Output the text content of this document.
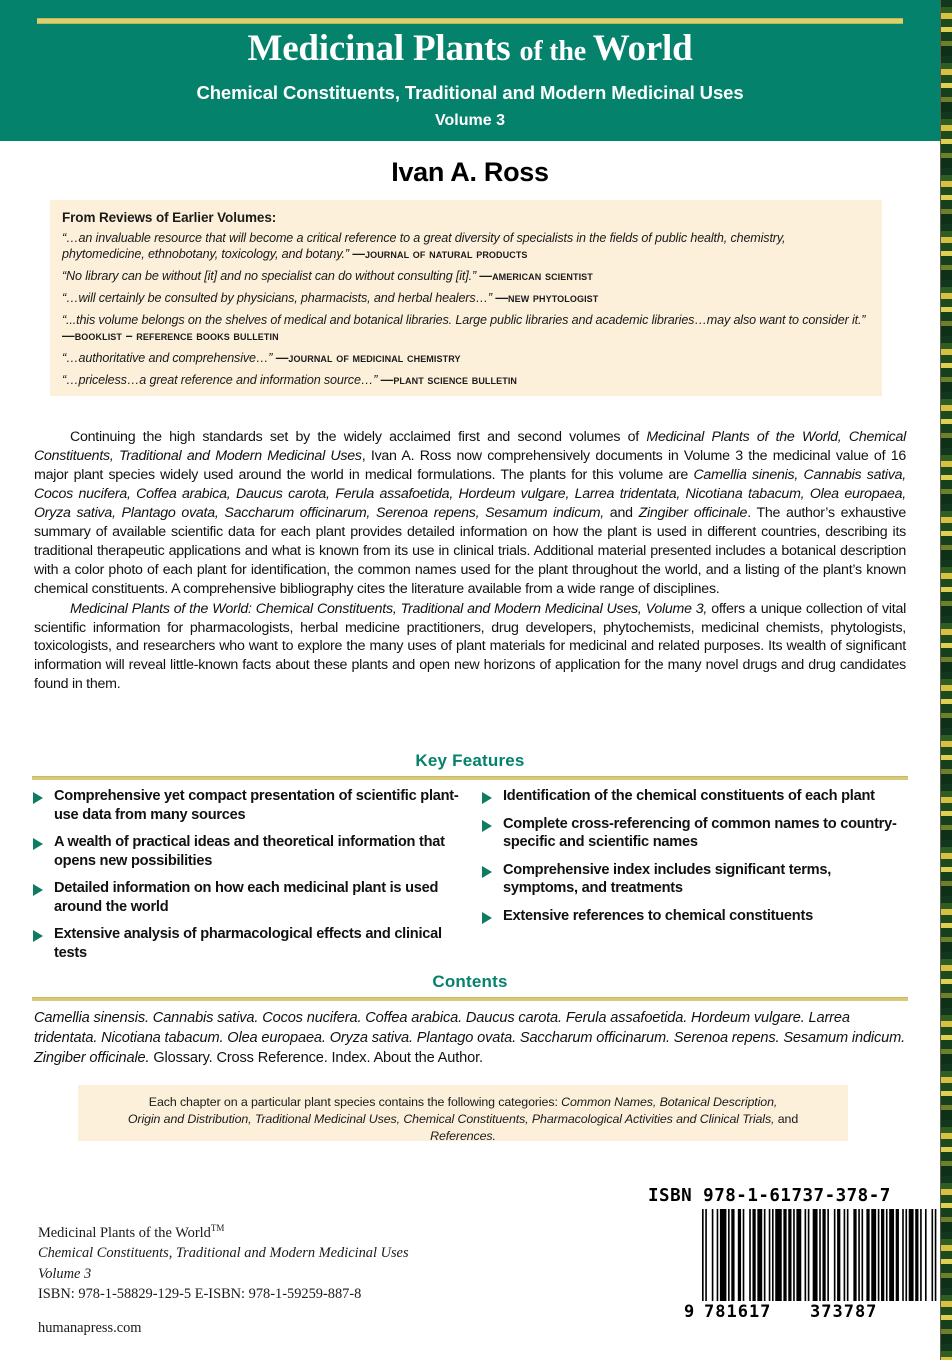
Medicinal Plants of the World
Chemical Constituents, Traditional and Modern Medicinal Uses
Volume 3
Ivan A. Ross
From Reviews of Earlier Volumes:
“…an invaluable resource that will become a critical reference to a great diversity of specialists in the fields of public health, chemistry, phytomedicine, ethnobotany, toxicology, and botany.” —journal of natural products
“No library can be without [it] and no specialist can do without consulting [it].” —american scientist
“…will certainly be consulted by physicians, pharmacists, and herbal healers…” —new phytologist
“...this volume belongs on the shelves of medical and botanical libraries. Large public libraries and academic libraries…may also want to consider it.” —booklist – reference books bulletin
“…authoritative and comprehensive…” —journal of medicinal chemistry
“…priceless…a great reference and information source…” —plant science bulletin

Continuing the high standards set by the widely acclaimed first and second volumes of Medicinal Plants of the World, Chemical Constituents, Traditional and Modern Medicinal Uses, Ivan A. Ross now comprehensively documents in Volume 3 the medicinal value of 16 major plant species widely used around the world in medical formulations. The plants for this volume are Camellia sinenis, Cannabis sativa, Cocos nucifera, Coffea arabica, Daucus carota, Ferula assafoetida, Hordeum vulgare, Larrea tridentata, Nicotiana tabacum, Olea europaea, Oryza sativa, Plantago ovata, Saccharum officinarum, Serenoa repens, Sesamum indicum, and Zingiber officinale. The author’s exhaustive summary of available scientific data for each plant provides detailed information on how the plant is used in different countries, describing its traditional therapeutic applications and what is known from its use in clinical trials. Additional material presented includes a botanical description with a color photo of each plant for identification, the common names used for the plant throughout the world, and a listing of the plant’s known chemical constituents. A comprehensive bibliography cites the literature available from a wide range of disciplines.

Medicinal Plants of the World: Chemical Constituents, Traditional and Modern Medicinal Uses, Volume 3, offers a unique collection of vital scientific information for pharmacologists, herbal medicine practitioners, drug developers, phytochemists, medicinal chemists, phytologists, toxicologists, and researchers who want to explore the many uses of plant materials for medicinal and related purposes. Its wealth of significant information will reveal little-known facts about these plants and open new horizons of application for the many novel drugs and drug candidates found in them.

Key Features
Comprehensive yet compact presentation of scientific plant-use data from many sources
A wealth of practical ideas and theoretical information that opens new possibilities
Detailed information on how each medicinal plant is used around the world
Extensive analysis of pharmacological effects and clinical tests
Identification of the chemical constituents of each plant
Complete cross-referencing of common names to country-specific and scientific names
Comprehensive index includes significant terms, symptoms, and treatments
Extensive references to chemical constituents
Contents
Camellia sinensis. Cannabis sativa. Cocos nucifera. Coffea arabica. Daucus carota. Ferula assafoetida. Hordeum vulgare. Larrea tridentata. Nicotiana tabacum. Olea europaea. Oryza sativa. Plantago ovata. Saccharum officinarum. Serenoa repens. Sesamum indicum. Zingiber officinale. Glossary. Cross Reference. Index. About the Author.
Each chapter on a particular plant species contains the following categories: Common Names, Botanical Description,
Origin and Distribution, Traditional Medicinal Uses, Chemical Constituents, Pharmacological Activities and Clinical Trials, and References.
Medicinal Plants of the World™
Chemical Constituents, Traditional and Modern Medicinal Uses
Volume 3
ISBN: 978-1-58829-129-5 E-ISBN: 978-1-59259-887-8
humanapress.com
ISBN 978-1-61737-378-7
9 781617	373787
